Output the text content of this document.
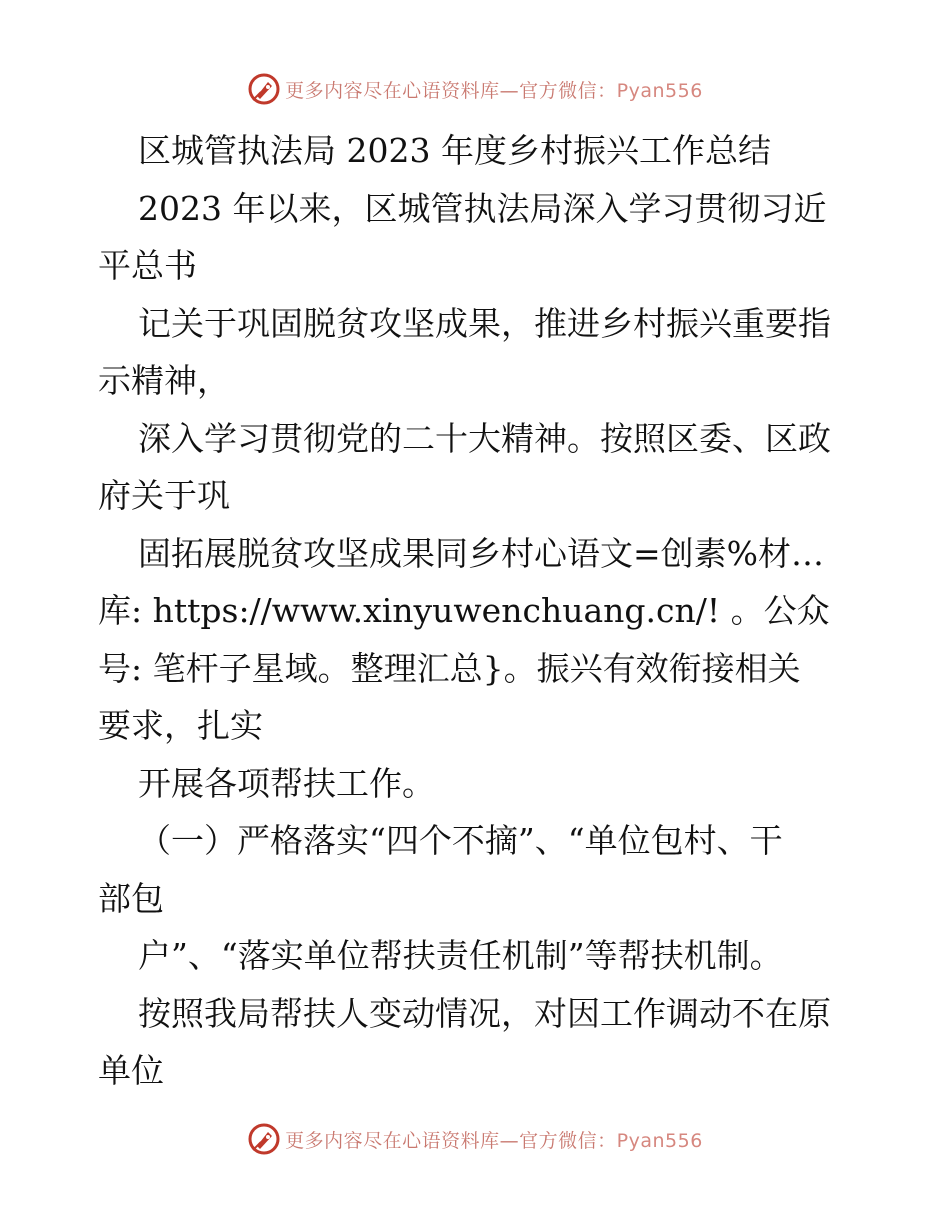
更多内容尽在心语资料库—官方微信：Pyan556
区城管执法局 2023 年度乡村振兴工作总结
2023 年以来，区城管执法局深入学习贯彻习近
平总书
记关于巩固脱贫攻坚成果，推进乡村振兴重要指
示精神，
深入学习贯彻党的二十大精神。按照区委、区政
府关于巩
固拓展脱贫攻坚成果同乡村心语文=创素%材…
库: https://www.xinyuwenchuang.cn/! 。公众
号: 笔杆子星域。整理汇总}。振兴有效衔接相关
要求，扎实
开展各项帮扶工作。
（一）严格落实“四个不摘”、“单位包村、干
部包
户”、“落实单位帮扶责任机制”等帮扶机制。
按照我局帮扶人变动情况，对因工作调动不在原
单位
更多内容尽在心语资料库—官方微信：Pyan556
